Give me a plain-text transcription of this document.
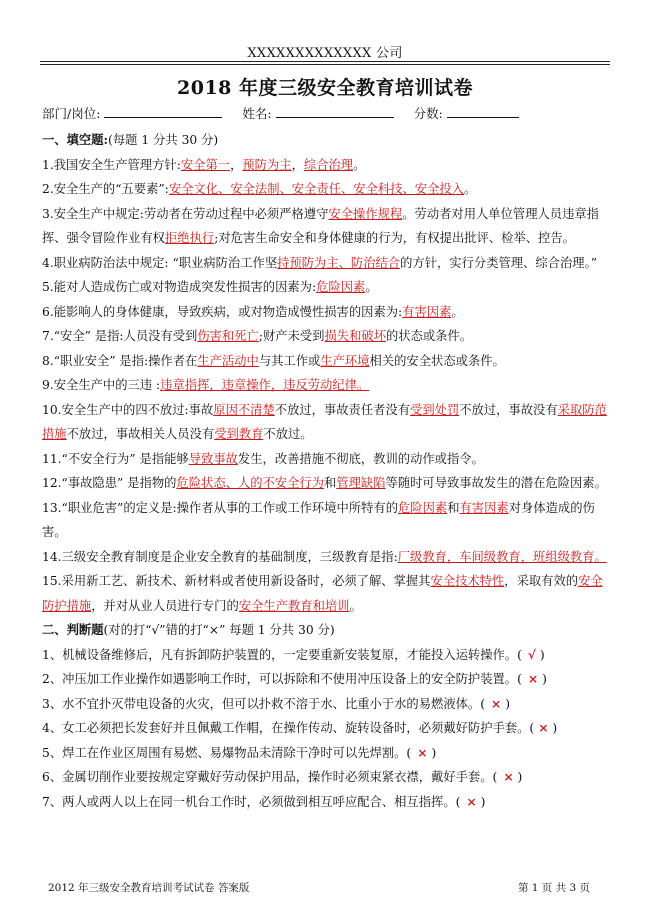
XXXXXXXXXXXXX 公司
2018 年度三级安全教育培训试卷
部门/岗位:	姓名:	分数:

一、填空题:(每题 1 分共 30 分)

1.我国安全生产管理方针:安全第一，预防为主，综合治理。

2.安全生产的“五要素”:安全文化、安全法制、安全责任、安全科技、安全投入。

3.安全生产中规定:劳动者在劳动过程中必须严格遵守安全操作规程。劳动者对用人单位管理人员违章指挥、强令冒险作业有权拒绝执行;对危害生命安全和身体健康的行为，有权提出批评、检举、控告。

4.职业病防治法中规定: “职业病防治工作坚持预防为主、防治结合的方针，实行分类管理、综合治理。”

5.能对人造成伤亡或对物造成突发性损害的因素为:危险因素。

6.能影响人的身体健康，导致疾病，或对物造成慢性损害的因素为:有害因素。

7.“安全” 是指:人员没有受到伤害和死亡;财产未受到损失和破坏的状态或条件。

8.“职业安全” 是指:操作者在生产活动中与其工作或生产环境相关的安全状态或条件。

9.安全生产中的三违 :违章指挥，违章操作，违反劳动纪律。

10.安全生产中的四不放过:事故原因不清楚不放过，事故责任者没有受到处罚不放过，事故没有采取防范措施不放过，事故相关人员没有受到教育不放过。

11.“不安全行为” 是指能够导致事故发生，改善措施不彻底，教训的动作或指令。

12.“事故隐患” 是指物的危险状态、人的不安全行为和管理缺陷等随时可导致事故发生的潜在危险因素。

13.“职业危害”的定义是:操作者从事的工作或工作环境中所特有的危险因素和有害因素对身体造成的伤害。

14.三级安全教育制度是企业安全教育的基础制度，三级教育是指:厂级教育，车间级教育，班组级教育。

15.采用新工艺、新技术、新材料或者使用新设备时，必须了解、掌握其安全技术特性，采取有效的安全防护措施，并对从业人员进行专门的安全生产教育和培训。

二、判断题(对的打“√”错的打“×” 每题 1 分共 30 分)

1、机械设备维修后，凡有拆卸防护装置的，一定要重新安装复原，才能投入运转操作。( √ )

2、冲压加工作业操作如遇影响工作时，可以拆除和不使用冲压设备上的安全防护装置。( × )

3、水不宜扑灭带电设备的火灾，但可以扑救不溶于水、比重小于水的易燃液体。( × )

4、女工必须把长发套好并且佩戴工作帽，在操作传动、旋转设备时，必须戴好防护手套。( × )

5、焊工在作业区周围有易燃、易爆物品未清除干净时可以先焊割。( × )

6、金属切削作业要按规定穿戴好劳动保护用品，操作时必须束紧衣襟，戴好手套。( × )

7、两人或两人以上在同一机台工作时，必须做到相互呼应配合、相互指挥。( × )

2012 年三级安全教育培训考试试卷 答案版	第 1 页 共 3 页
